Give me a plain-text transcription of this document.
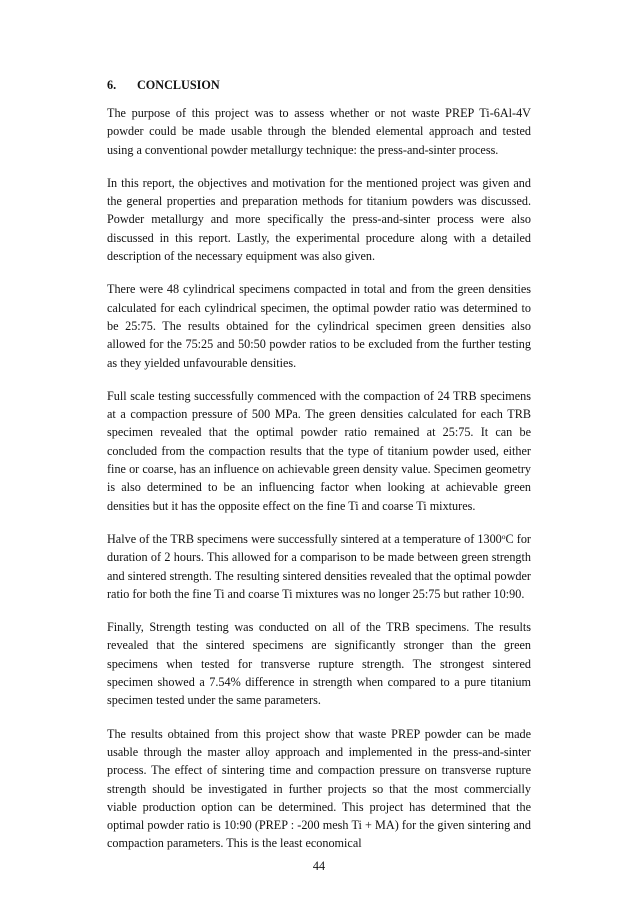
6. CONCLUSION

The purpose of this project was to assess whether or not waste PREP Ti-6Al-4V powder could be made usable through the blended elemental approach and tested using a conventional powder metallurgy technique: the press-and-sinter process.

In this report, the objectives and motivation for the mentioned project was given and the general properties and preparation methods for titanium powders was discussed. Powder metallurgy and more specifically the press-and-sinter process were also discussed in this report. Lastly, the experimental procedure along with a detailed description of the necessary equipment was also given.

There were 48 cylindrical specimens compacted in total and from the green densities calculated for each cylindrical specimen, the optimal powder ratio was determined to be 25:75. The results obtained for the cylindrical specimen green densities also allowed for the 75:25 and 50:50 powder ratios to be excluded from the further testing as they yielded unfavourable densities.

Full scale testing successfully commenced with the compaction of 24 TRB specimens at a compaction pressure of 500 MPa. The green densities calculated for each TRB specimen revealed that the optimal powder ratio remained at 25:75. It can be concluded from the compaction results that the type of titanium powder used, either fine or coarse, has an influence on achievable green density value. Specimen geometry is also determined to be an influencing factor when looking at achievable green densities but it has the opposite effect on the fine Ti and coarse Ti mixtures.

Halve of the TRB specimens were successfully sintered at a temperature of 1300$^o$C for duration of 2 hours. This allowed for a comparison to be made between green strength and sintered strength. The resulting sintered densities revealed that the optimal powder ratio for both the fine Ti and coarse Ti mixtures was no longer 25:75 but rather 10:90.

Finally, Strength testing was conducted on all of the TRB specimens. The results revealed that the sintered specimens are significantly stronger than the green specimens when tested for transverse rupture strength. The strongest sintered specimen showed a 7.54% difference in strength when compared to a pure titanium specimen tested under the same parameters.

The results obtained from this project show that waste PREP powder can be made usable through the master alloy approach and implemented in the press-and-sinter process. The effect of sintering time and compaction pressure on transverse rupture strength should be investigated in further projects so that the most commercially viable production option can be determined. This project has determined that the optimal powder ratio is 10:90 (PREP : -200 mesh Ti + MA) for the given sintering and compaction parameters. This is the least economical

44
